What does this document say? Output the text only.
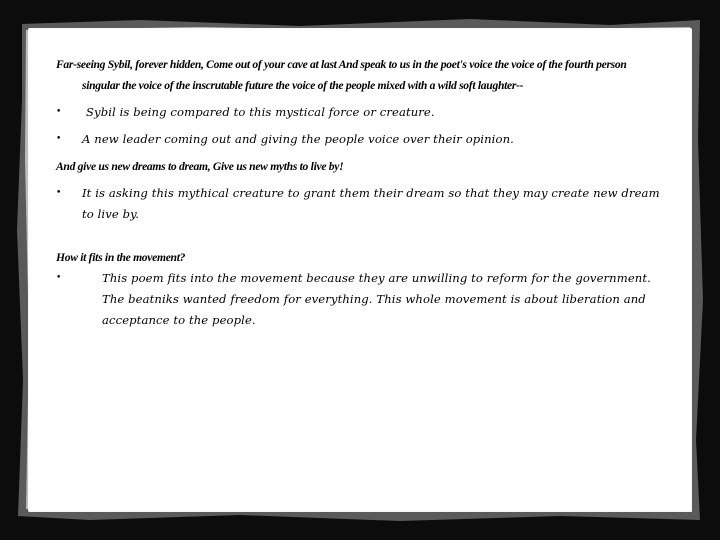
Far-seeing Sybil, forever hidden, Come out of your cave at last And speak to us in the poet's voice the voice of the fourth person singular the voice of the inscrutable future the voice of the people mixed with a wild soft laughter--

•	Sybil is being compared to this mystical force or creature.
•	A new leader coming out and giving the people voice over their opinion.

And give us new dreams to dream, Give us new myths to live by!

•	It is asking this mythical creature to grant them their dream so that they may create new dream to live by.

How it fits in the movement?

•	This poem fits into the movement because they are unwilling to reform for the government. The beatniks wanted freedom for everything. This whole movement is about liberation and acceptance to the people.
